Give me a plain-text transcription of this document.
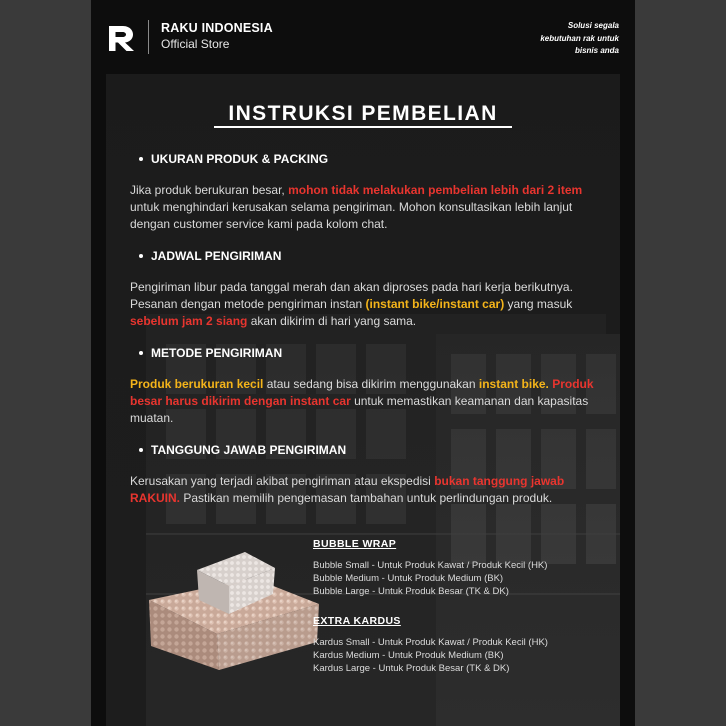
RAKU INDONESIA
Official Store
Solusi segala
kebutuhan rak untuk
bisnis anda
INSTRUKSI PEMBELIAN
UKURAN PRODUK & PACKING
Jika produk berukuran besar, mohon tidak melakukan pembelian lebih dari 2 item untuk menghindari kerusakan selama pengiriman. Mohon konsultasikan lebih lanjut dengan customer service kami pada kolom chat.
JADWAL PENGIRIMAN
Pengiriman libur pada tanggal merah dan akan diproses pada hari kerja berikutnya. Pesanan dengan metode pengiriman instan (instant bike/instant car) yang masuk sebelum jam 2 siang akan dikirim di hari yang sama.
METODE PENGIRIMAN
Produk berukuran kecil atau sedang bisa dikirim menggunakan instant bike. Produk besar harus dikirim dengan instant car untuk memastikan keamanan dan kapasitas muatan.
TANGGUNG JAWAB PENGIRIMAN
Kerusakan yang terjadi akibat pengiriman atau ekspedisi bukan tanggung jawab RAKUIN. Pastikan memilih pengemasan tambahan untuk perlindungan produk.
BUBBLE WRAP
Bubble Small - Untuk Produk Kawat / Produk Kecil (HK)
Bubble Medium - Untuk Produk Medium (BK)
Bubble Large - Untuk Produk Besar (TK & DK)
EXTRA KARDUS
Kardus Small - Untuk Produk Kawat / Produk Kecil (HK)
Kardus Medium - Untuk Produk Medium (BK)
Kardus Large - Untuk Produk Besar (TK & DK)
